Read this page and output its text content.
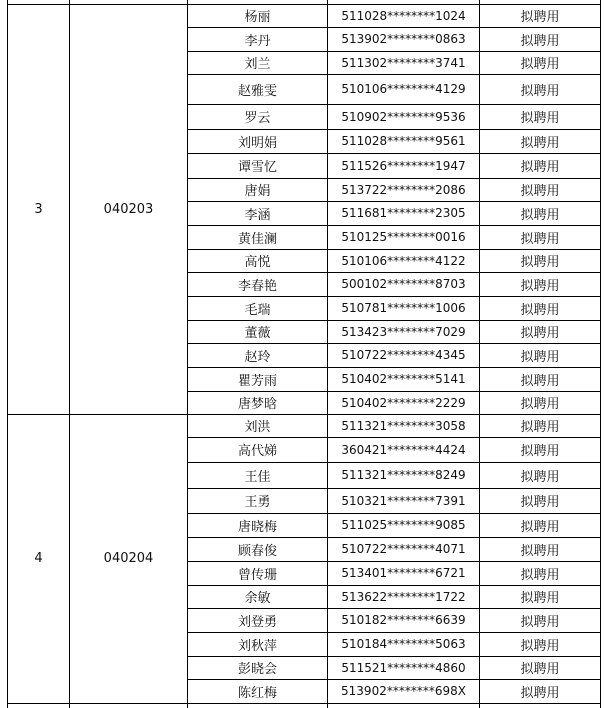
3	040203
杨丽	511028********1024	拟聘用
李丹	513902********0863	拟聘用
刘兰	511302********3741	拟聘用
赵雅雯	510106********4129	拟聘用
罗云	510902********9536	拟聘用
刘明娟	511028********9561	拟聘用
谭雪忆	511526********1947	拟聘用
唐娟	513722********2086	拟聘用
李涵	511681********2305	拟聘用
黄佳澜	510125********0016	拟聘用
高悦	510106********4122	拟聘用
李春艳	500102********8703	拟聘用
毛瑞	510781********1006	拟聘用
董薇	513423********7029	拟聘用
赵玲	510722********4345	拟聘用
瞿芳雨	510402********5141	拟聘用
唐梦晗	510402********2229	拟聘用
4	040204
刘洪	511321********3058	拟聘用
高代娣	360421********4424	拟聘用
王佳	511321********8249	拟聘用
王勇	510321********7391	拟聘用
唐晓梅	511025********9085	拟聘用
顾春俊	510722********4071	拟聘用
曾传珊	513401********6721	拟聘用
余敏	513622********1722	拟聘用
刘登勇	510182********6639	拟聘用
刘秋萍	510184********5063	拟聘用
彭晓会	511521********4860	拟聘用
陈红梅	513902********698X	拟聘用
